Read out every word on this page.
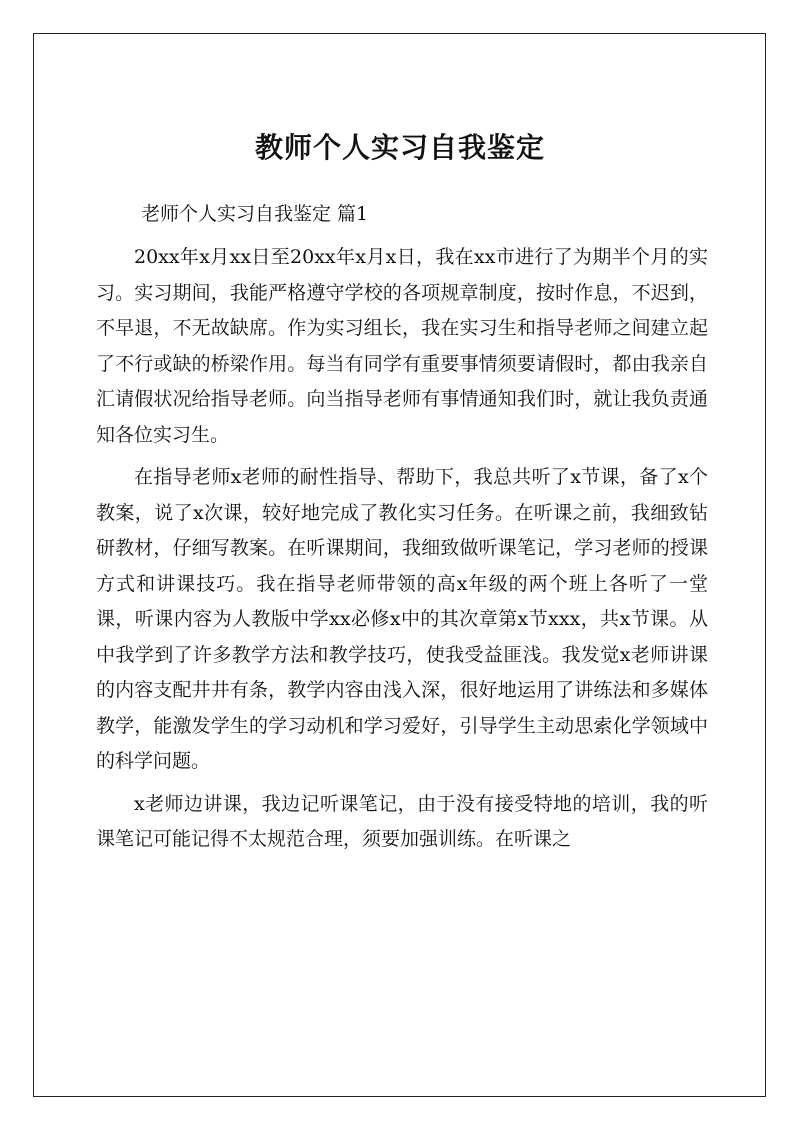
教师个人实习自我鉴定

老师个人实习自我鉴定 篇1

20xx年x月xx日至20xx年x月x日，我在xx市进行了为期半个月的实习。实习期间，我能严格遵守学校的各项规章制度，按时作息，不迟到，不早退，不无故缺席。作为实习组长，我在实习生和指导老师之间建立起了不行或缺的桥梁作用。每当有同学有重要事情须要请假时，都由我亲自汇请假状况给指导老师。向当指导老师有事情通知我们时，就让我负责通知各位实习生。

在指导老师x老师的耐性指导、帮助下，我总共听了x节课，备了x个教案，说了x次课，较好地完成了教化实习任务。在听课之前，我细致钻研教材，仔细写教案。在听课期间，我细致做听课笔记，学习老师的授课方式和讲课技巧。我在指导老师带领的高x年级的两个班上各听了一堂课，听课内容为人教版中学xx必修x中的其次章第x节xxx，共x节课。从中我学到了许多教学方法和教学技巧，使我受益匪浅。我发觉x老师讲课的内容支配井井有条，教学内容由浅入深，很好地运用了讲练法和多媒体教学，能激发学生的学习动机和学习爱好，引导学生主动思索化学领域中的科学问题。

x老师边讲课，我边记听课笔记，由于没有接受特地的培训，我的听课笔记可能记得不太规范合理，须要加强训练。在听课之
